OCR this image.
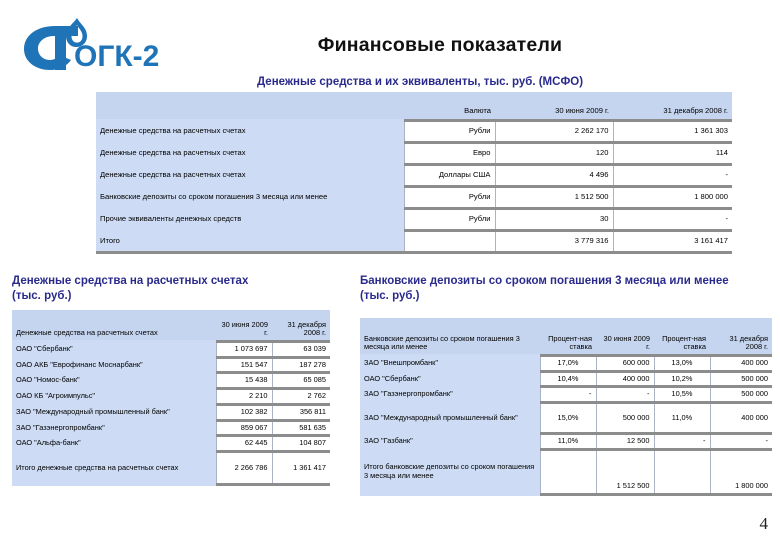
ОГК-2	Финансовые показатели
Денежные средства и их эквиваленты, тыс. руб. (МСФО)
	Валюта	30 июня 2009 г.	31 декабря 2008 г.

Денежные средства на расчетных счетах	Рубли	2 262 170	1 361 303

Денежные средства на расчетных счетах	Евро	120	114

Денежные средства на расчетных счетах	Доллары США	4 496	-

Банковские депозиты со сроком погашения 3 месяца или менее	Рубли	1 512 500	1 800 000

Прочие эквиваленты денежных средств	Рубли	30	-

Итого		3 779 316	3 161 417

Денежные средства на расчетных счетах
(тыс. руб.)
Денежные средства на расчетных счетах	30 июня 2009 г.	31 декабря 2008 г.

ОАО "Сбербанк"	1 073 697	63 039

ОАО АКБ "Еврофинанс Моснарбанк"	151 547	187 278

ОАО "Номос-банк"	15 438	65 085

ОАО КБ "Агроимпульс"	2 210	2 762

ЗАО "Международный промышленный банк"	102 382	356 811

ЗАО "Газэнергопромбанк"	859 067	581 635

ОАО "Альфа-банк"	62 445	104 807

Итого денежные средства на расчетных счетах	2 266 786	1 361 417

Банковские депозиты со сроком погашения 3 месяца или менее
(тыс. руб.)
Банковские депозиты со сроком погашения 3 месяца или менее	Процент-ная ставка	30 июня 2009 г.	Процент-ная ставка	31 декабря 2008 г.

ЗАО "Внешпромбанк"	17,0%	600 000	13,0%	400 000

ОАО "Сбербанк"	10,4%	400 000	10,2%	500 000

ЗАО "Газэнергопромбанк"	-	-	10,5%	500 000

ЗАО "Международный промышленный банк"	15,0%	500 000	11,0%	400 000

ЗАО "Газбанк"	11,0%	12 500	-	-

Итого банковские депозиты со сроком погашения 3 месяца или менее		1 512 500		1 800 000

4
